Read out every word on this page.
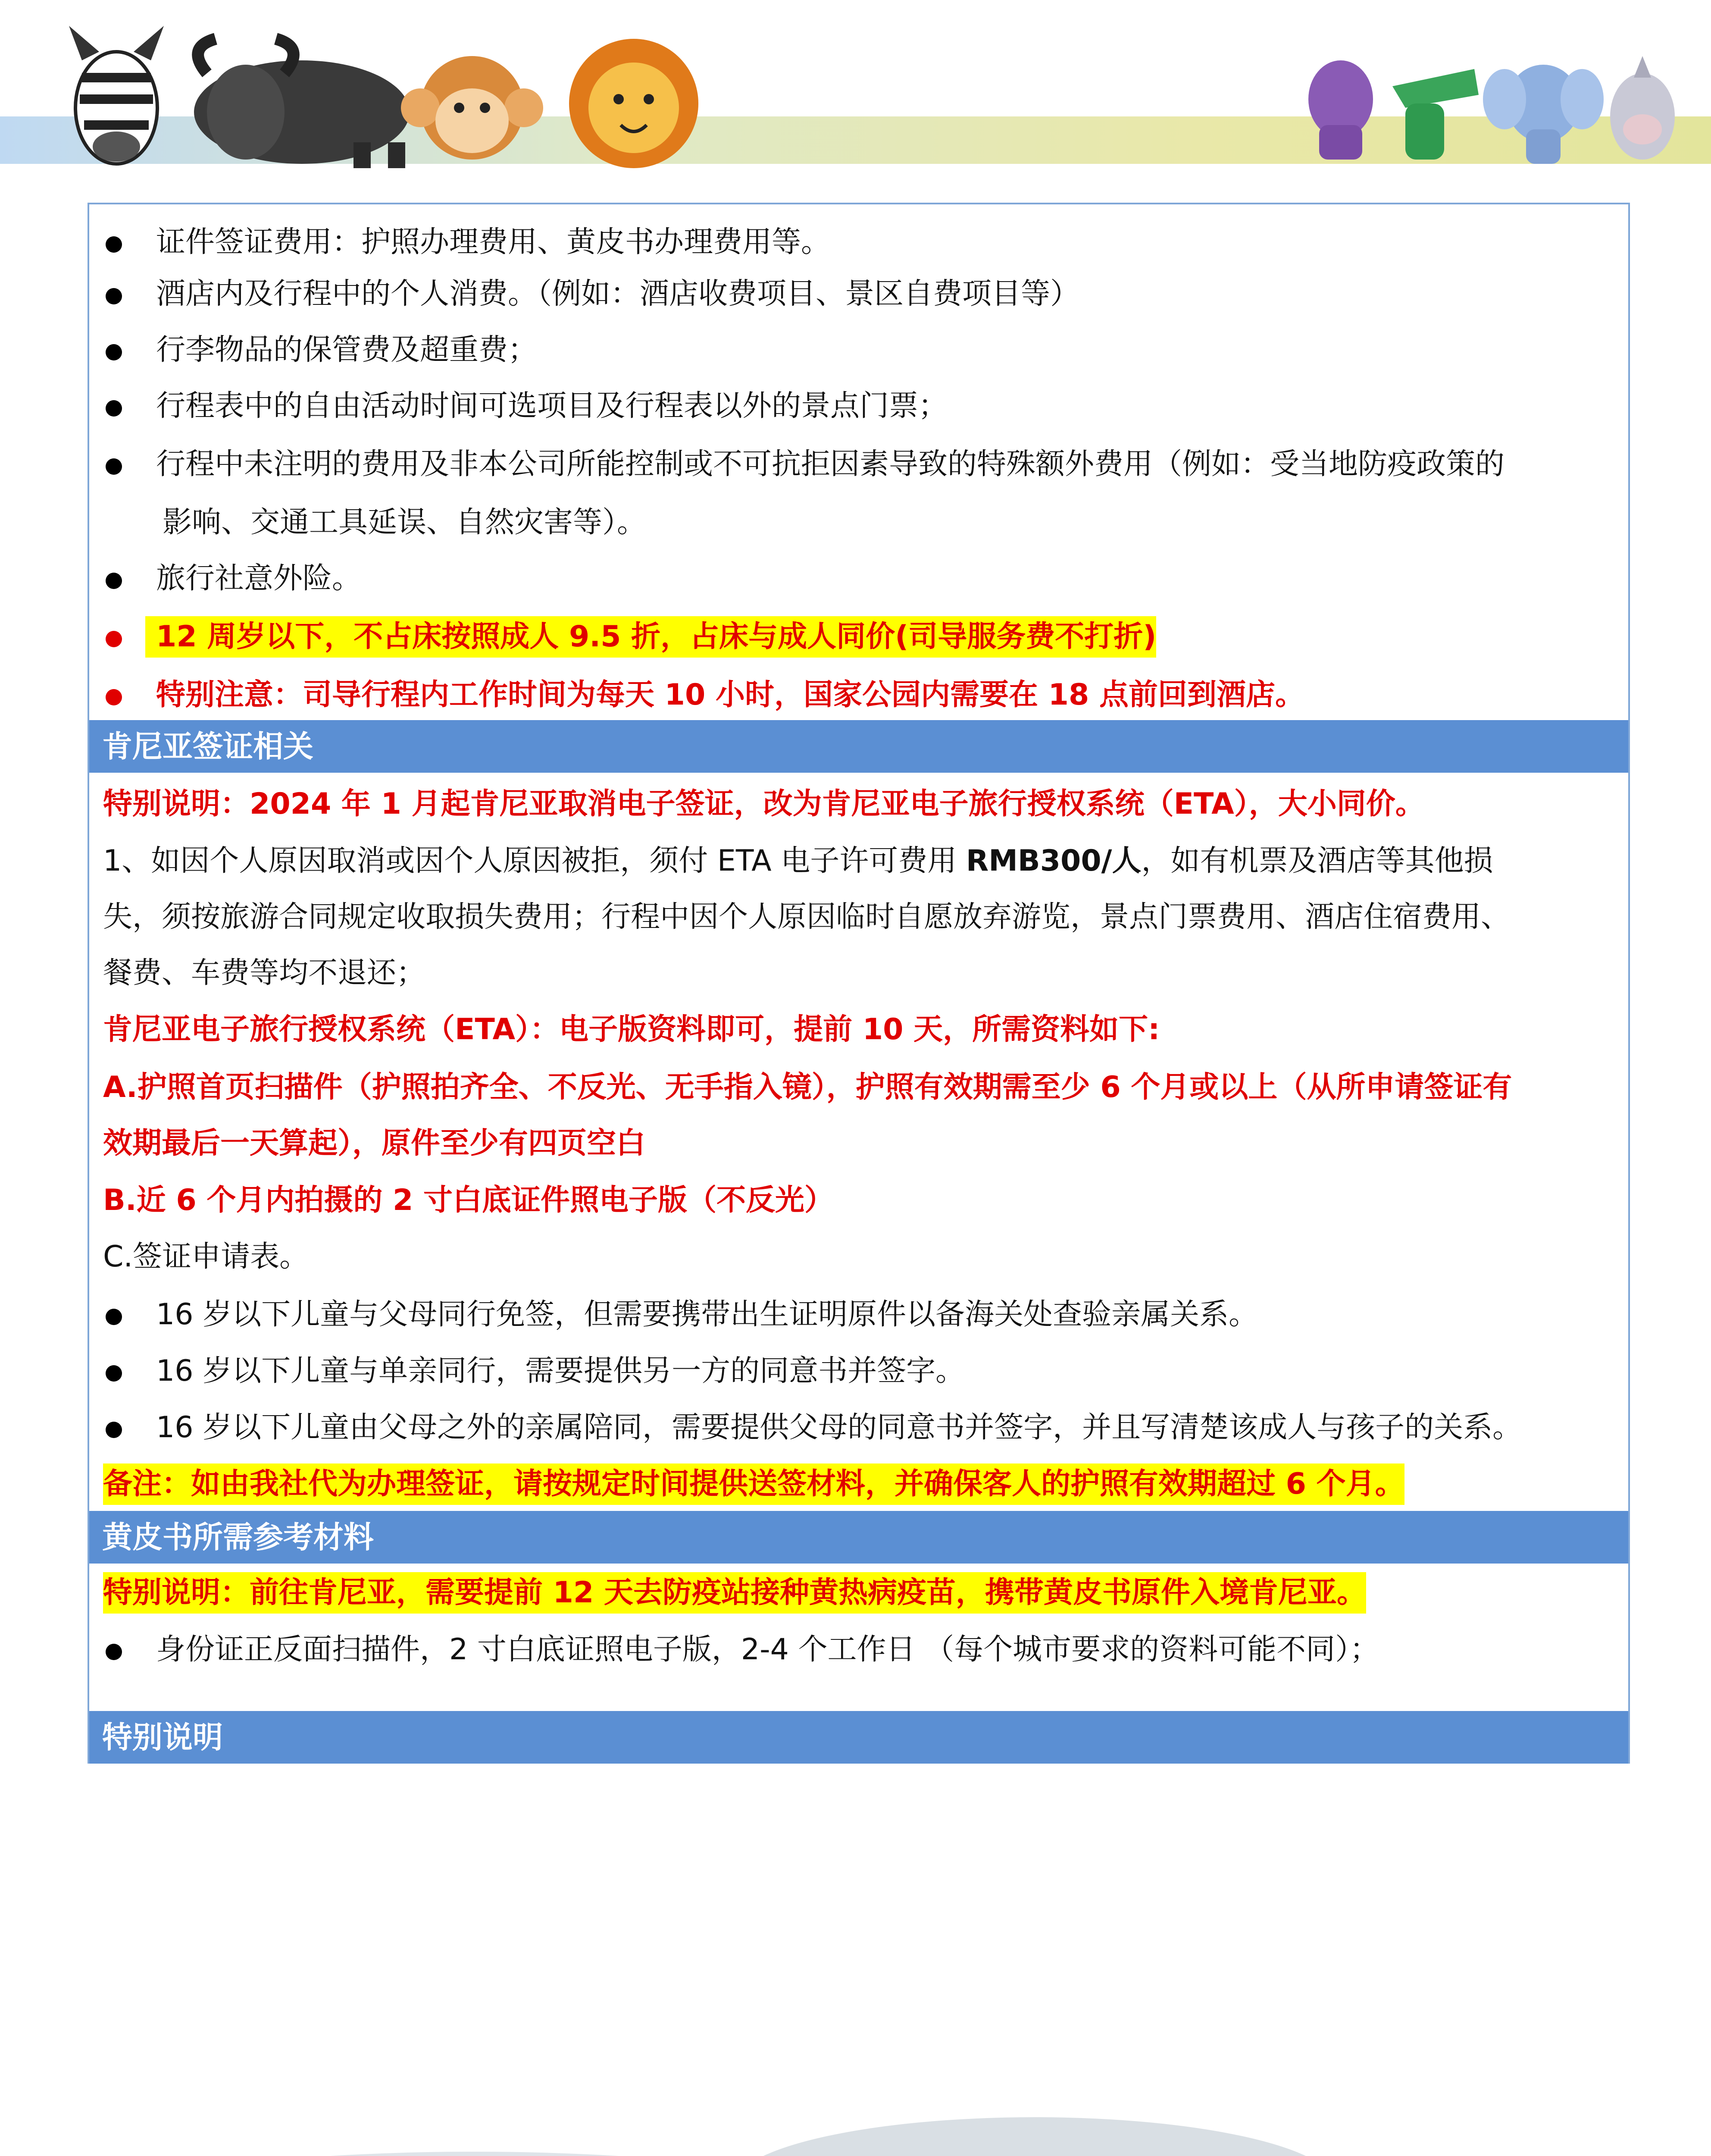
证件签证费用：护照办理费用、黄皮书办理费用等。
酒店内及行程中的个人消费。（例如：酒店收费项目、景区自费项目等）
行李物品的保管费及超重费；
行程表中的自由活动时间可选项目及行程表以外的景点门票；
行程中未注明的费用及非本公司所能控制或不可抗拒因素导致的特殊额外费用（例如：受当地防疫政策的
影响、交通工具延误、自然灾害等）。
旅行社意外险。
12 周岁以下，不占床按照成人 9.5 折，占床与成人同价(司导服务费不打折)
特别注意：司导行程内工作时间为每天 10 小时，国家公园内需要在 18 点前回到酒店。
肯尼亚签证相关
特别说明：2024 年 1 月起肯尼亚取消电子签证，改为肯尼亚电子旅行授权系统（ETA），大小同价。
1、如因个人原因取消或因个人原因被拒，须付 ETA 电子许可费用 RMB300/人，如有机票及酒店等其他损
失，须按旅游合同规定收取损失费用；行程中因个人原因临时自愿放弃游览，景点门票费用、酒店住宿费用、
餐费、车费等均不退还；
肯尼亚电子旅行授权系统（ETA）：电子版资料即可，提前 10 天，所需资料如下:
A.护照首页扫描件（护照拍齐全、不反光、无手指入镜），护照有效期需至少 6 个月或以上（从所申请签证有
效期最后一天算起），原件至少有四页空白
B.近 6 个月内拍摄的 2 寸白底证件照电子版（不反光）
C.签证申请表。
16 岁以下儿童与父母同行免签，但需要携带出生证明原件以备海关处查验亲属关系。
16 岁以下儿童与单亲同行，需要提供另一方的同意书并签字。
16 岁以下儿童由父母之外的亲属陪同，需要提供父母的同意书并签字，并且写清楚该成人与孩子的关系。
备注：如由我社代为办理签证，请按规定时间提供送签材料，并确保客人的护照有效期超过 6 个月。
黄皮书所需参考材料
特别说明：前往肯尼亚，需要提前 12 天去防疫站接种黄热病疫苗，携带黄皮书原件入境肯尼亚。
身份证正反面扫描件，2 寸白底证照电子版，2-4 个工作日 （每个城市要求的资料可能不同）；
特别说明
